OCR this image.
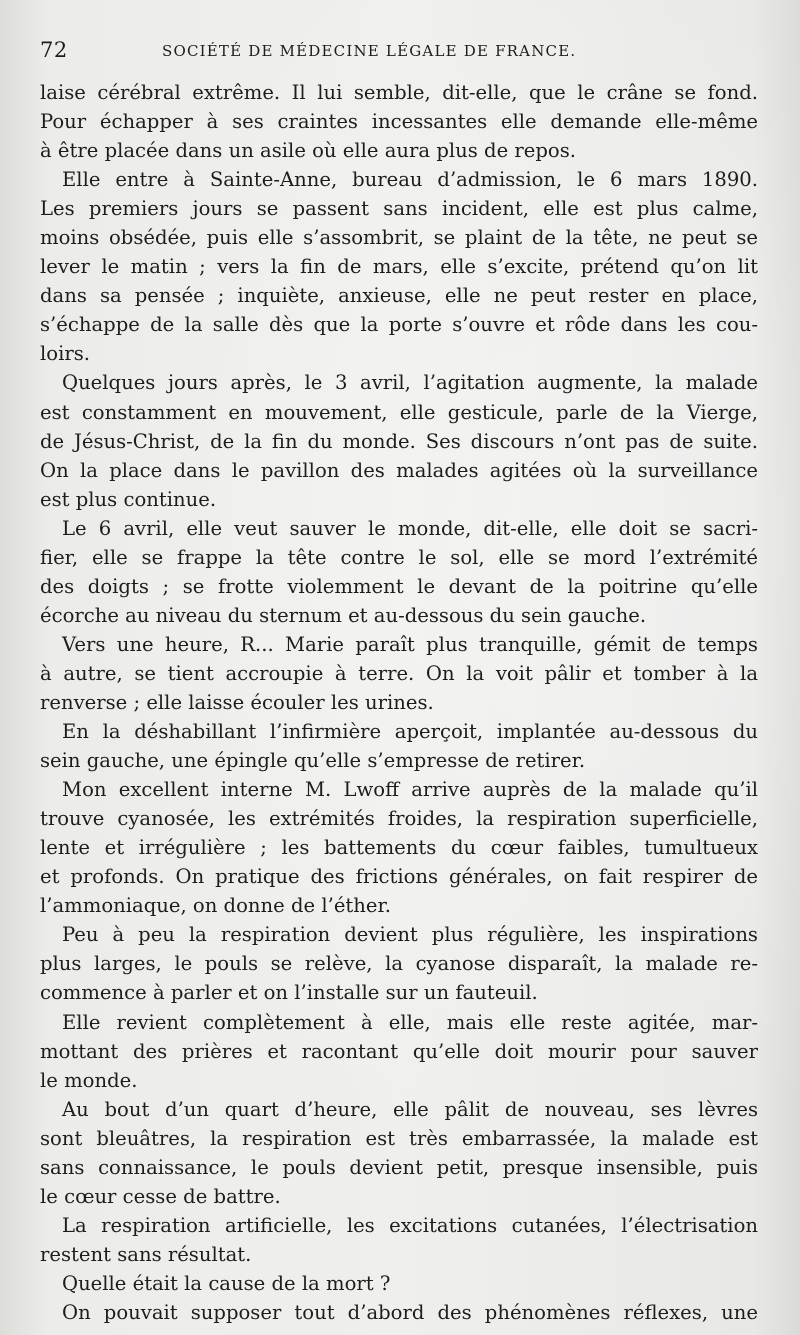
72	SOCIÉTÉ DE MÉDECINE LÉGALE DE FRANCE.
laise cérébral extrême. Il lui semble, dit-elle, que le crâne se fond.
Pour échapper à ses craintes incessantes elle demande elle-même
à être placée dans un asile où elle aura plus de repos.
Elle entre à Sainte-Anne, bureau d’admission, le 6 mars 1890.
Les premiers jours se passent sans incident, elle est plus calme,
moins obsédée, puis elle s’assombrit, se plaint de la tête, ne peut se
lever le matin ; vers la fin de mars, elle s’excite, prétend qu’on lit
dans sa pensée ; inquiète, anxieuse, elle ne peut rester en place,
s’échappe de la salle dès que la porte s’ouvre et rôde dans les cou-
loirs.
Quelques jours après, le 3 avril, l’agitation augmente, la malade
est constamment en mouvement, elle gesticule, parle de la Vierge,
de Jésus-Christ, de la fin du monde. Ses discours n’ont pas de suite.
On la place dans le pavillon des malades agitées où la surveillance
est plus continue.
Le 6 avril, elle veut sauver le monde, dit-elle, elle doit se sacri-
fier, elle se frappe la tête contre le sol, elle se mord l’extrémité
des doigts ; se frotte violemment le devant de la poitrine qu’elle
écorche au niveau du sternum et au-dessous du sein gauche.
Vers une heure, R... Marie paraît plus tranquille, gémit de temps
à autre, se tient accroupie à terre. On la voit pâlir et tomber à la
renverse ; elle laisse écouler les urines.
En la déshabillant l’infirmière aperçoit, implantée au-dessous du
sein gauche, une épingle qu’elle s’empresse de retirer.
Mon excellent interne M. Lwoff arrive auprès de la malade qu’il
trouve cyanosée, les extrémités froides, la respiration superficielle,
lente et irrégulière ; les battements du cœur faibles, tumultueux
et profonds. On pratique des frictions générales, on fait respirer de
l’ammoniaque, on donne de l’éther.
Peu à peu la respiration devient plus régulière, les inspirations
plus larges, le pouls se relève, la cyanose disparaît, la malade re-
commence à parler et on l’installe sur un fauteuil.
Elle revient complètement à elle, mais elle reste agitée, mar-
mottant des prières et racontant qu’elle doit mourir pour sauver
le monde.
Au bout d’un quart d’heure, elle pâlit de nouveau, ses lèvres
sont bleuâtres, la respiration est très embarrassée, la malade est
sans connaissance, le pouls devient petit, presque insensible, puis
le cœur cesse de battre.
La respiration artificielle, les excitations cutanées, l’électrisation
restent sans résultat.
Quelle était la cause de la mort ?
On pouvait supposer tout d’abord des phénomènes réflexes, une
